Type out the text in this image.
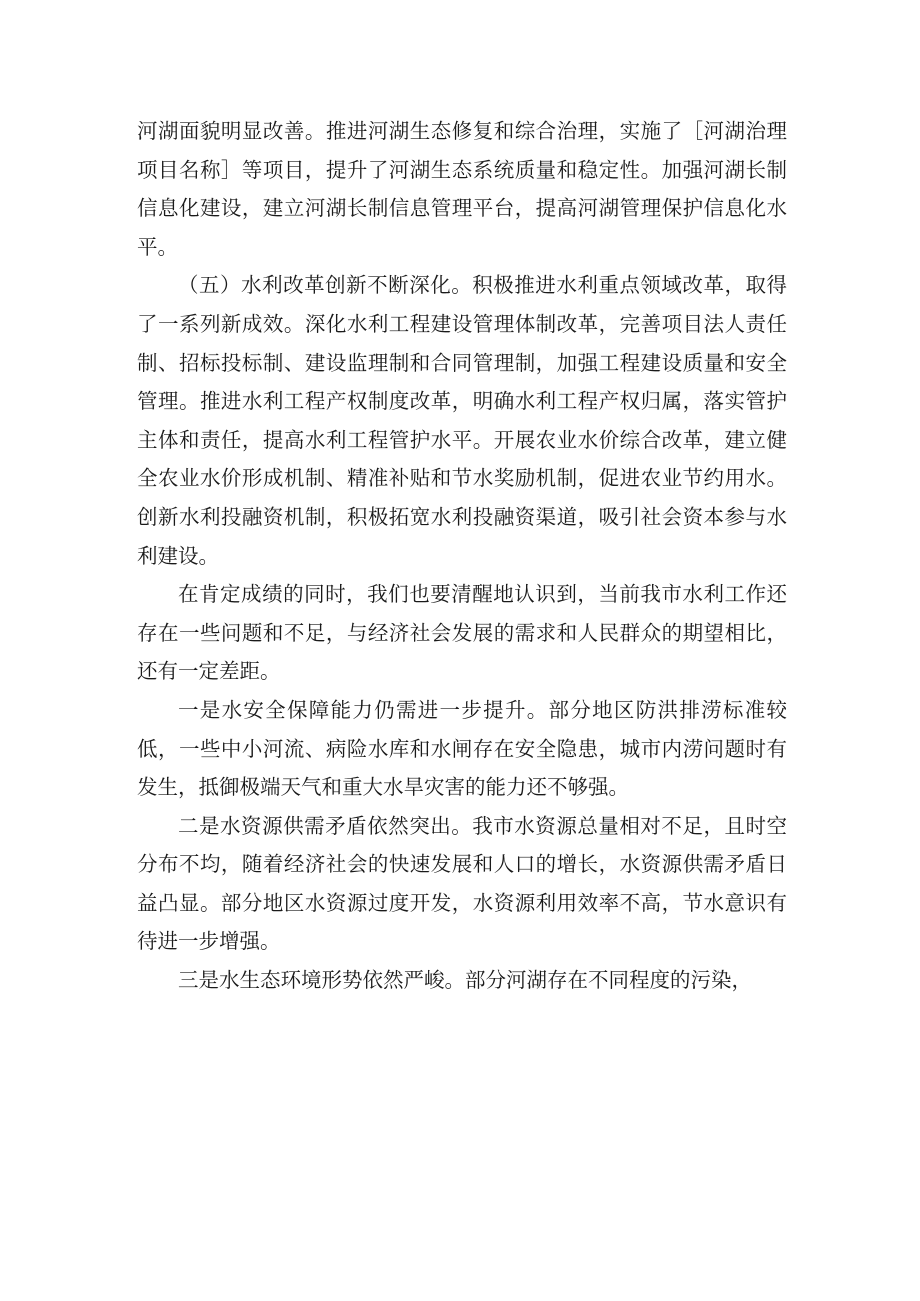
河湖面貌明显改善。推进河湖生态修复和综合治理，实施了［河湖治理项目名称］等项目，提升了河湖生态系统质量和稳定性。加强河湖长制信息化建设，建立河湖长制信息管理平台，提高河湖管理保护信息化水平。

（五）水利改革创新不断深化。积极推进水利重点领域改革，取得了一系列新成效。深化水利工程建设管理体制改革，完善项目法人责任制、招标投标制、建设监理制和合同管理制，加强工程建设质量和安全管理。推进水利工程产权制度改革，明确水利工程产权归属，落实管护主体和责任，提高水利工程管护水平。开展农业水价综合改革，建立健全农业水价形成机制、精准补贴和节水奖励机制，促进农业节约用水。创新水利投融资机制，积极拓宽水利投融资渠道，吸引社会资本参与水利建设。

在肯定成绩的同时，我们也要清醒地认识到，当前我市水利工作还存在一些问题和不足，与经济社会发展的需求和人民群众的期望相比，还有一定差距。

一是水安全保障能力仍需进一步提升。部分地区防洪排涝标准较低，一些中小河流、病险水库和水闸存在安全隐患，城市内涝问题时有发生，抵御极端天气和重大水旱灾害的能力还不够强。

二是水资源供需矛盾依然突出。我市水资源总量相对不足，且时空分布不均，随着经济社会的快速发展和人口的增长，水资源供需矛盾日益凸显。部分地区水资源过度开发，水资源利用效率不高，节水意识有待进一步增强。

三是水生态环境形势依然严峻。部分河湖存在不同程度的污染，
